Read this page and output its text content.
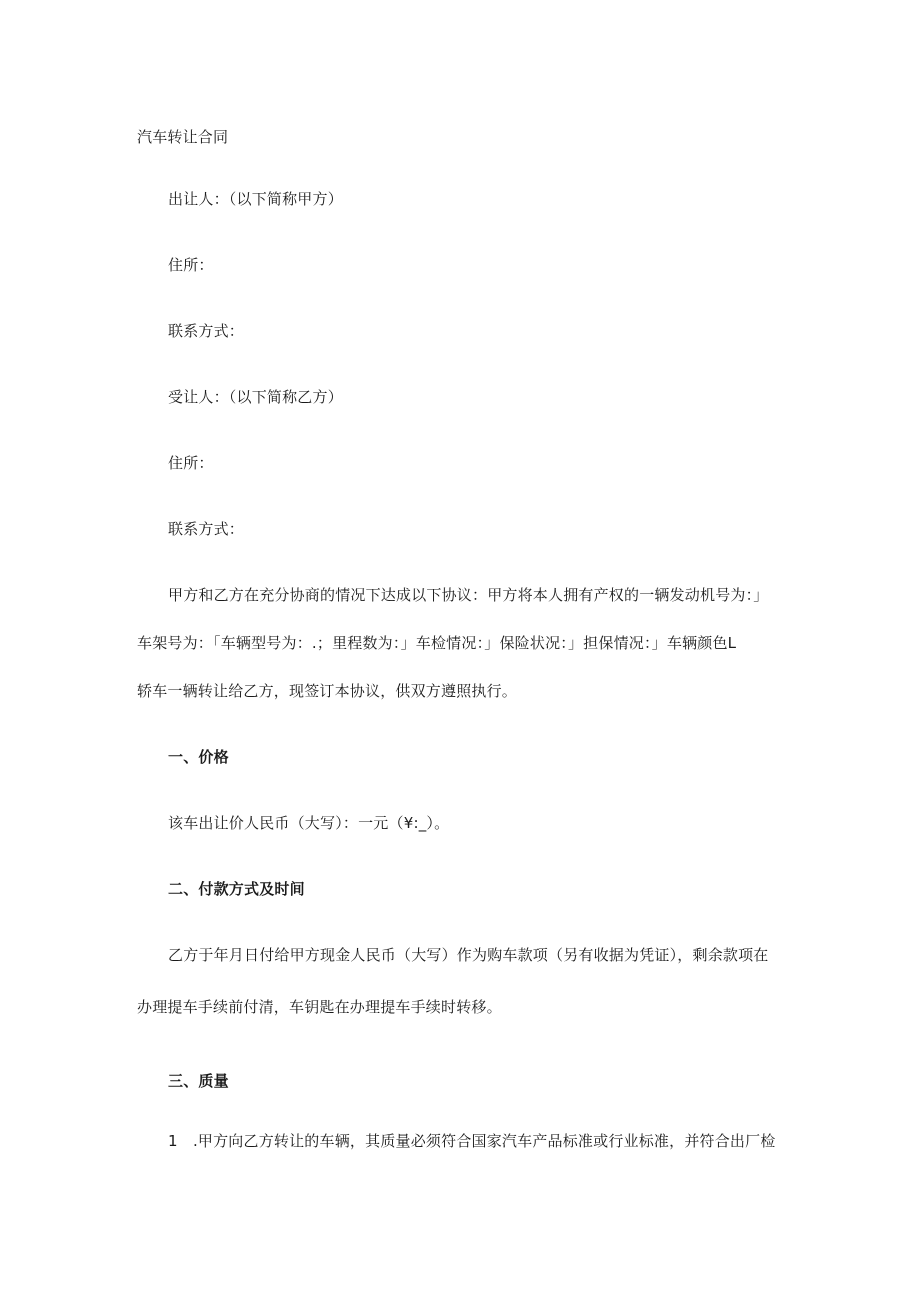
汽车转让合同
出让人：（以下简称甲方）
住所：
联系方式：
受让人：（以下简称乙方）
住所：
联系方式：
甲方和乙方在充分协商的情况下达成以下协议：甲方将本人拥有产权的一辆发动机号为：」
车架号为：「车辆型号为：.；里程数为：」车检情况：」保险状况：」担保情况：」车辆颜色L
轿车一辆转让给乙方，现签订本协议，供双方遵照执行。
一、价格
该车出让价人民币（大写）：一元（¥:_）。
二、付款方式及时间
乙方于年月日付给甲方现金人民币（大写）作为购车款项（另有收据为凭证），剩余款项在
办理提车手续前付清，车钥匙在办理提车手续时转移。
三、质量
1　.甲方向乙方转让的车辆，其质量必须符合国家汽车产品标准或行业标准，并符合出厂检
